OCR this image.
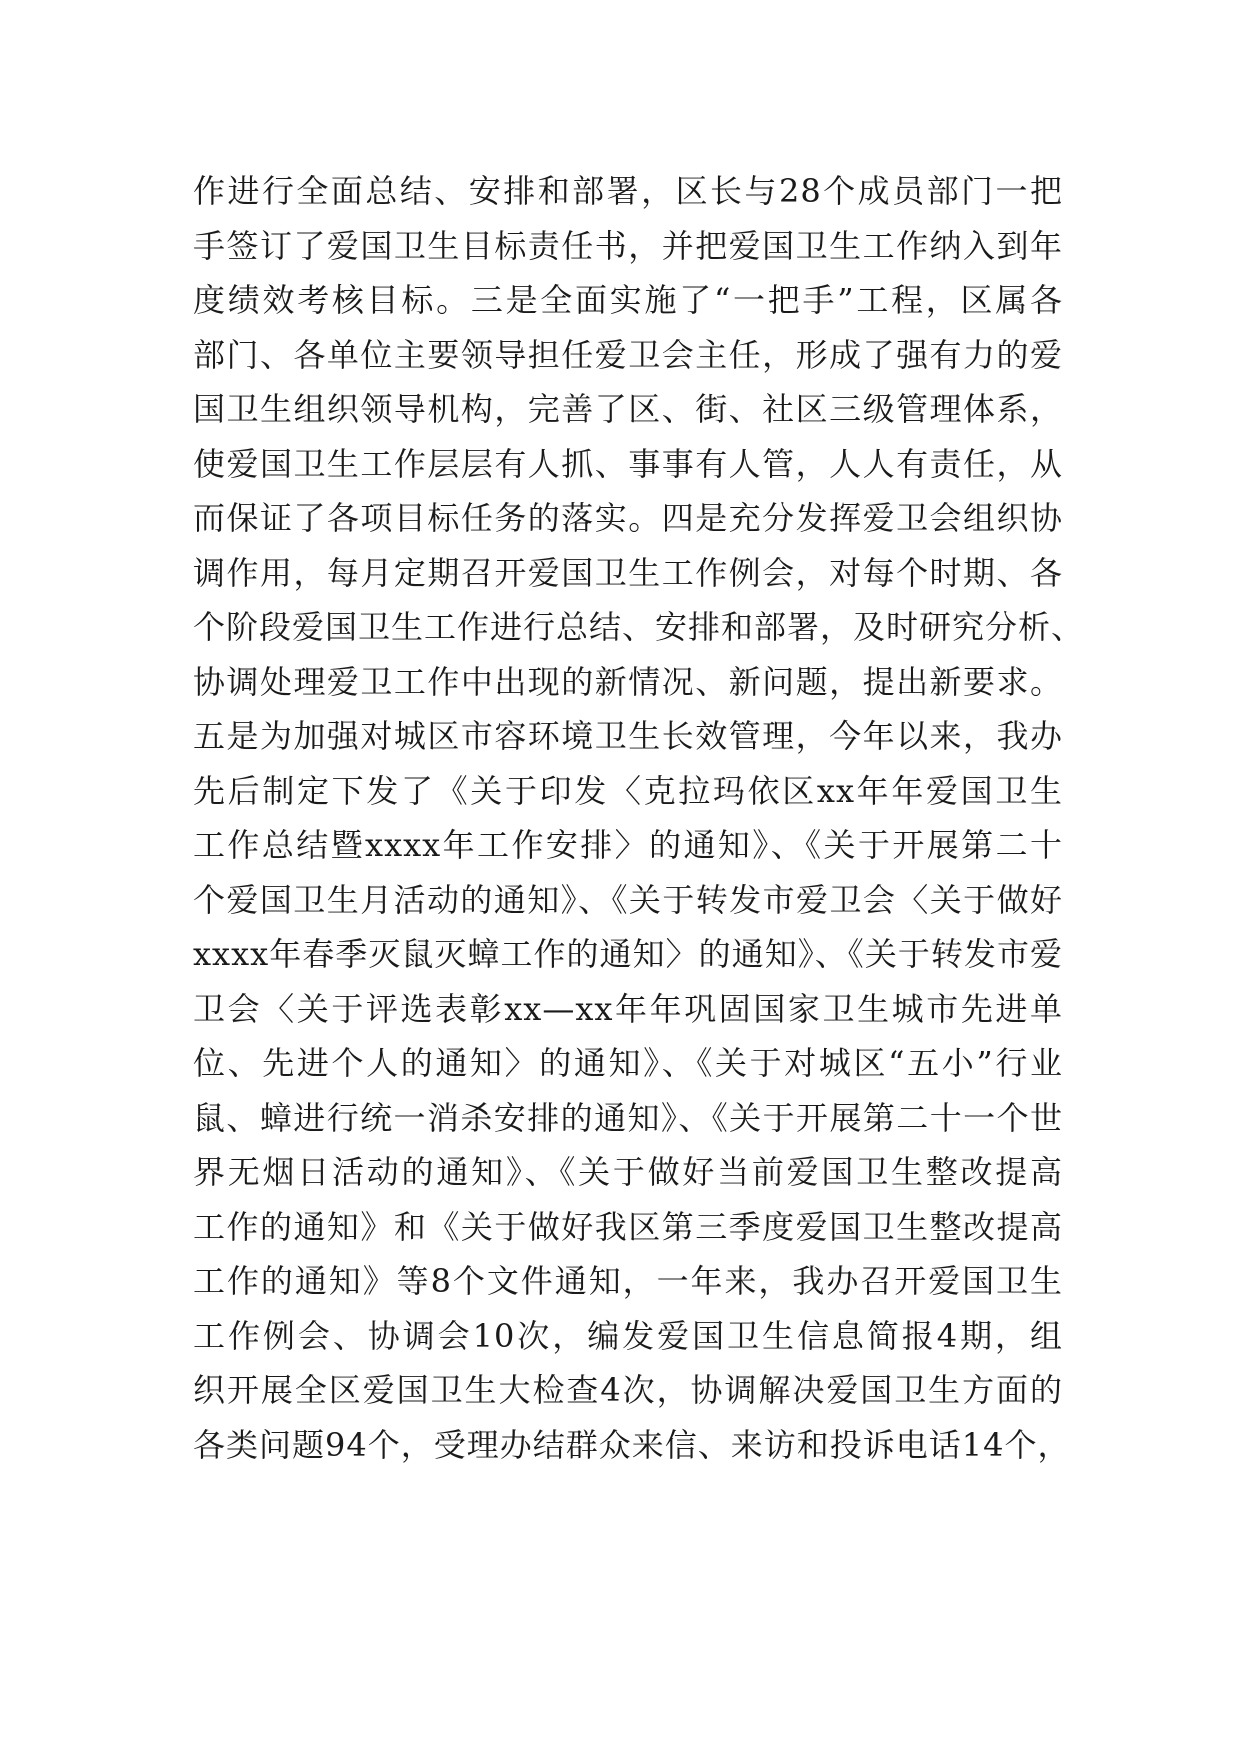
作进行全面总结、安排和部署，区长与28个成员部门一把
手签订了爱国卫生目标责任书，并把爱国卫生工作纳入到年
度绩效考核目标。三是全面实施了“一把手”工程，区属各
部门、各单位主要领导担任爱卫会主任，形成了强有力的爱
国卫生组织领导机构，完善了区、街、社区三级管理体系，
使爱国卫生工作层层有人抓、事事有人管，人人有责任，从
而保证了各项目标任务的落实。四是充分发挥爱卫会组织协
调作用，每月定期召开爱国卫生工作例会，对每个时期、各
个阶段爱国卫生工作进行总结、安排和部署，及时研究分析、
协调处理爱卫工作中出现的新情况、新问题，提出新要求。
五是为加强对城区市容环境卫生长效管理，今年以来，我办
先后制定下发了《关于印发〈克拉玛依区xx年年爱国卫生
工作总结暨xxxx年工作安排〉的通知》、《关于开展第二十
个爱国卫生月活动的通知》、《关于转发市爱卫会〈关于做好
xxxx年春季灭鼠灭蟑工作的通知〉的通知》、《关于转发市爱
卫会〈关于评选表彰xx—xx年年巩固国家卫生城市先进单
位、先进个人的通知〉的通知》、《关于对城区“五小”行业
鼠、蟑进行统一消杀安排的通知》、《关于开展第二十一个世
界无烟日活动的通知》、《关于做好当前爱国卫生整改提高
工作的通知》和《关于做好我区第三季度爱国卫生整改提高
工作的通知》等8个文件通知，一年来，我办召开爱国卫生
工作例会、协调会10次，编发爱国卫生信息简报4期，组
织开展全区爱国卫生大检查4次，协调解决爱国卫生方面的
各类问题94个，受理办结群众来信、来访和投诉电话14个，
